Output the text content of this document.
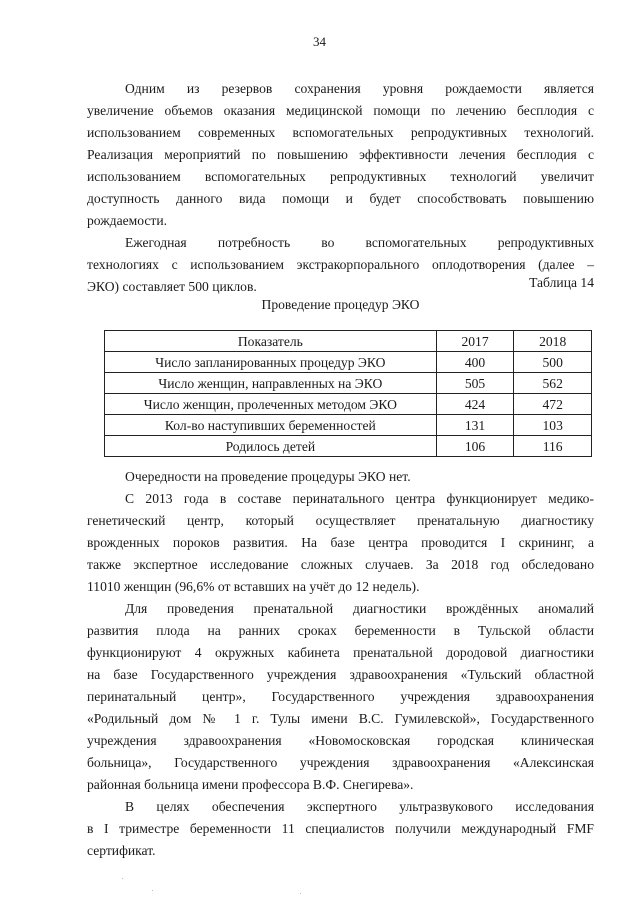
34
Одним из резервов сохранения уровня рождаемости является
увеличение объемов оказания медицинской помощи по лечению бесплодия с
использованием современных вспомогательных репродуктивных технологий.
Реализация мероприятий по повышению эффективности лечения бесплодия с
использованием вспомогательных репродуктивных технологий увеличит
доступность данного вида помощи и будет способствовать повышению
рождаемости.
Ежегодная потребность во вспомогательных репродуктивных
технологиях с использованием экстракорпорального оплодотворения (далее –
ЭКО) составляет 500 циклов.	Таблица 14
Проведение процедур ЭКО
Показатель	2017	2018
Число запланированных процедур ЭКО	400	500
Число женщин, направленных на ЭКО	505	562
Число женщин, пролеченных методом ЭКО	424	472
Кол-во наступивших беременностей	131	103
Родилось детей	106	116
Очередности на проведение процедуры ЭКО нет.
С 2013 года в составе перинатального центра функционирует медико-
генетический центр, который осуществляет пренатальную диагностику
врожденных пороков развития. На базе центра проводится I скрининг, а
также экспертное исследование сложных случаев. За 2018 год обследовано
11010 женщин (96,6% от вставших на учёт до 12 недель).
Для проведения пренатальной диагностики врождённых аномалий
развития плода на ранних сроках беременности в Тульской области
функционируют 4 окружных кабинета пренатальной дородовой диагностики
на базе Государственного учреждения здравоохранения «Тульский областной
перинатальный центр», Государственного учреждения здравоохранения
«Родильный дом № 1 г. Тулы имени В.С. Гумилевской», Государственного
учреждения здравоохранения «Новомосковская городская клиническая
больница», Государственного учреждения здравоохранения «Алексинская
районная больница имени профессора В.Ф. Снегирева».
В целях обеспечения экспертного ультразвукового исследования
в I триместре беременности 11 специалистов получили международный FMF
сертификат.
